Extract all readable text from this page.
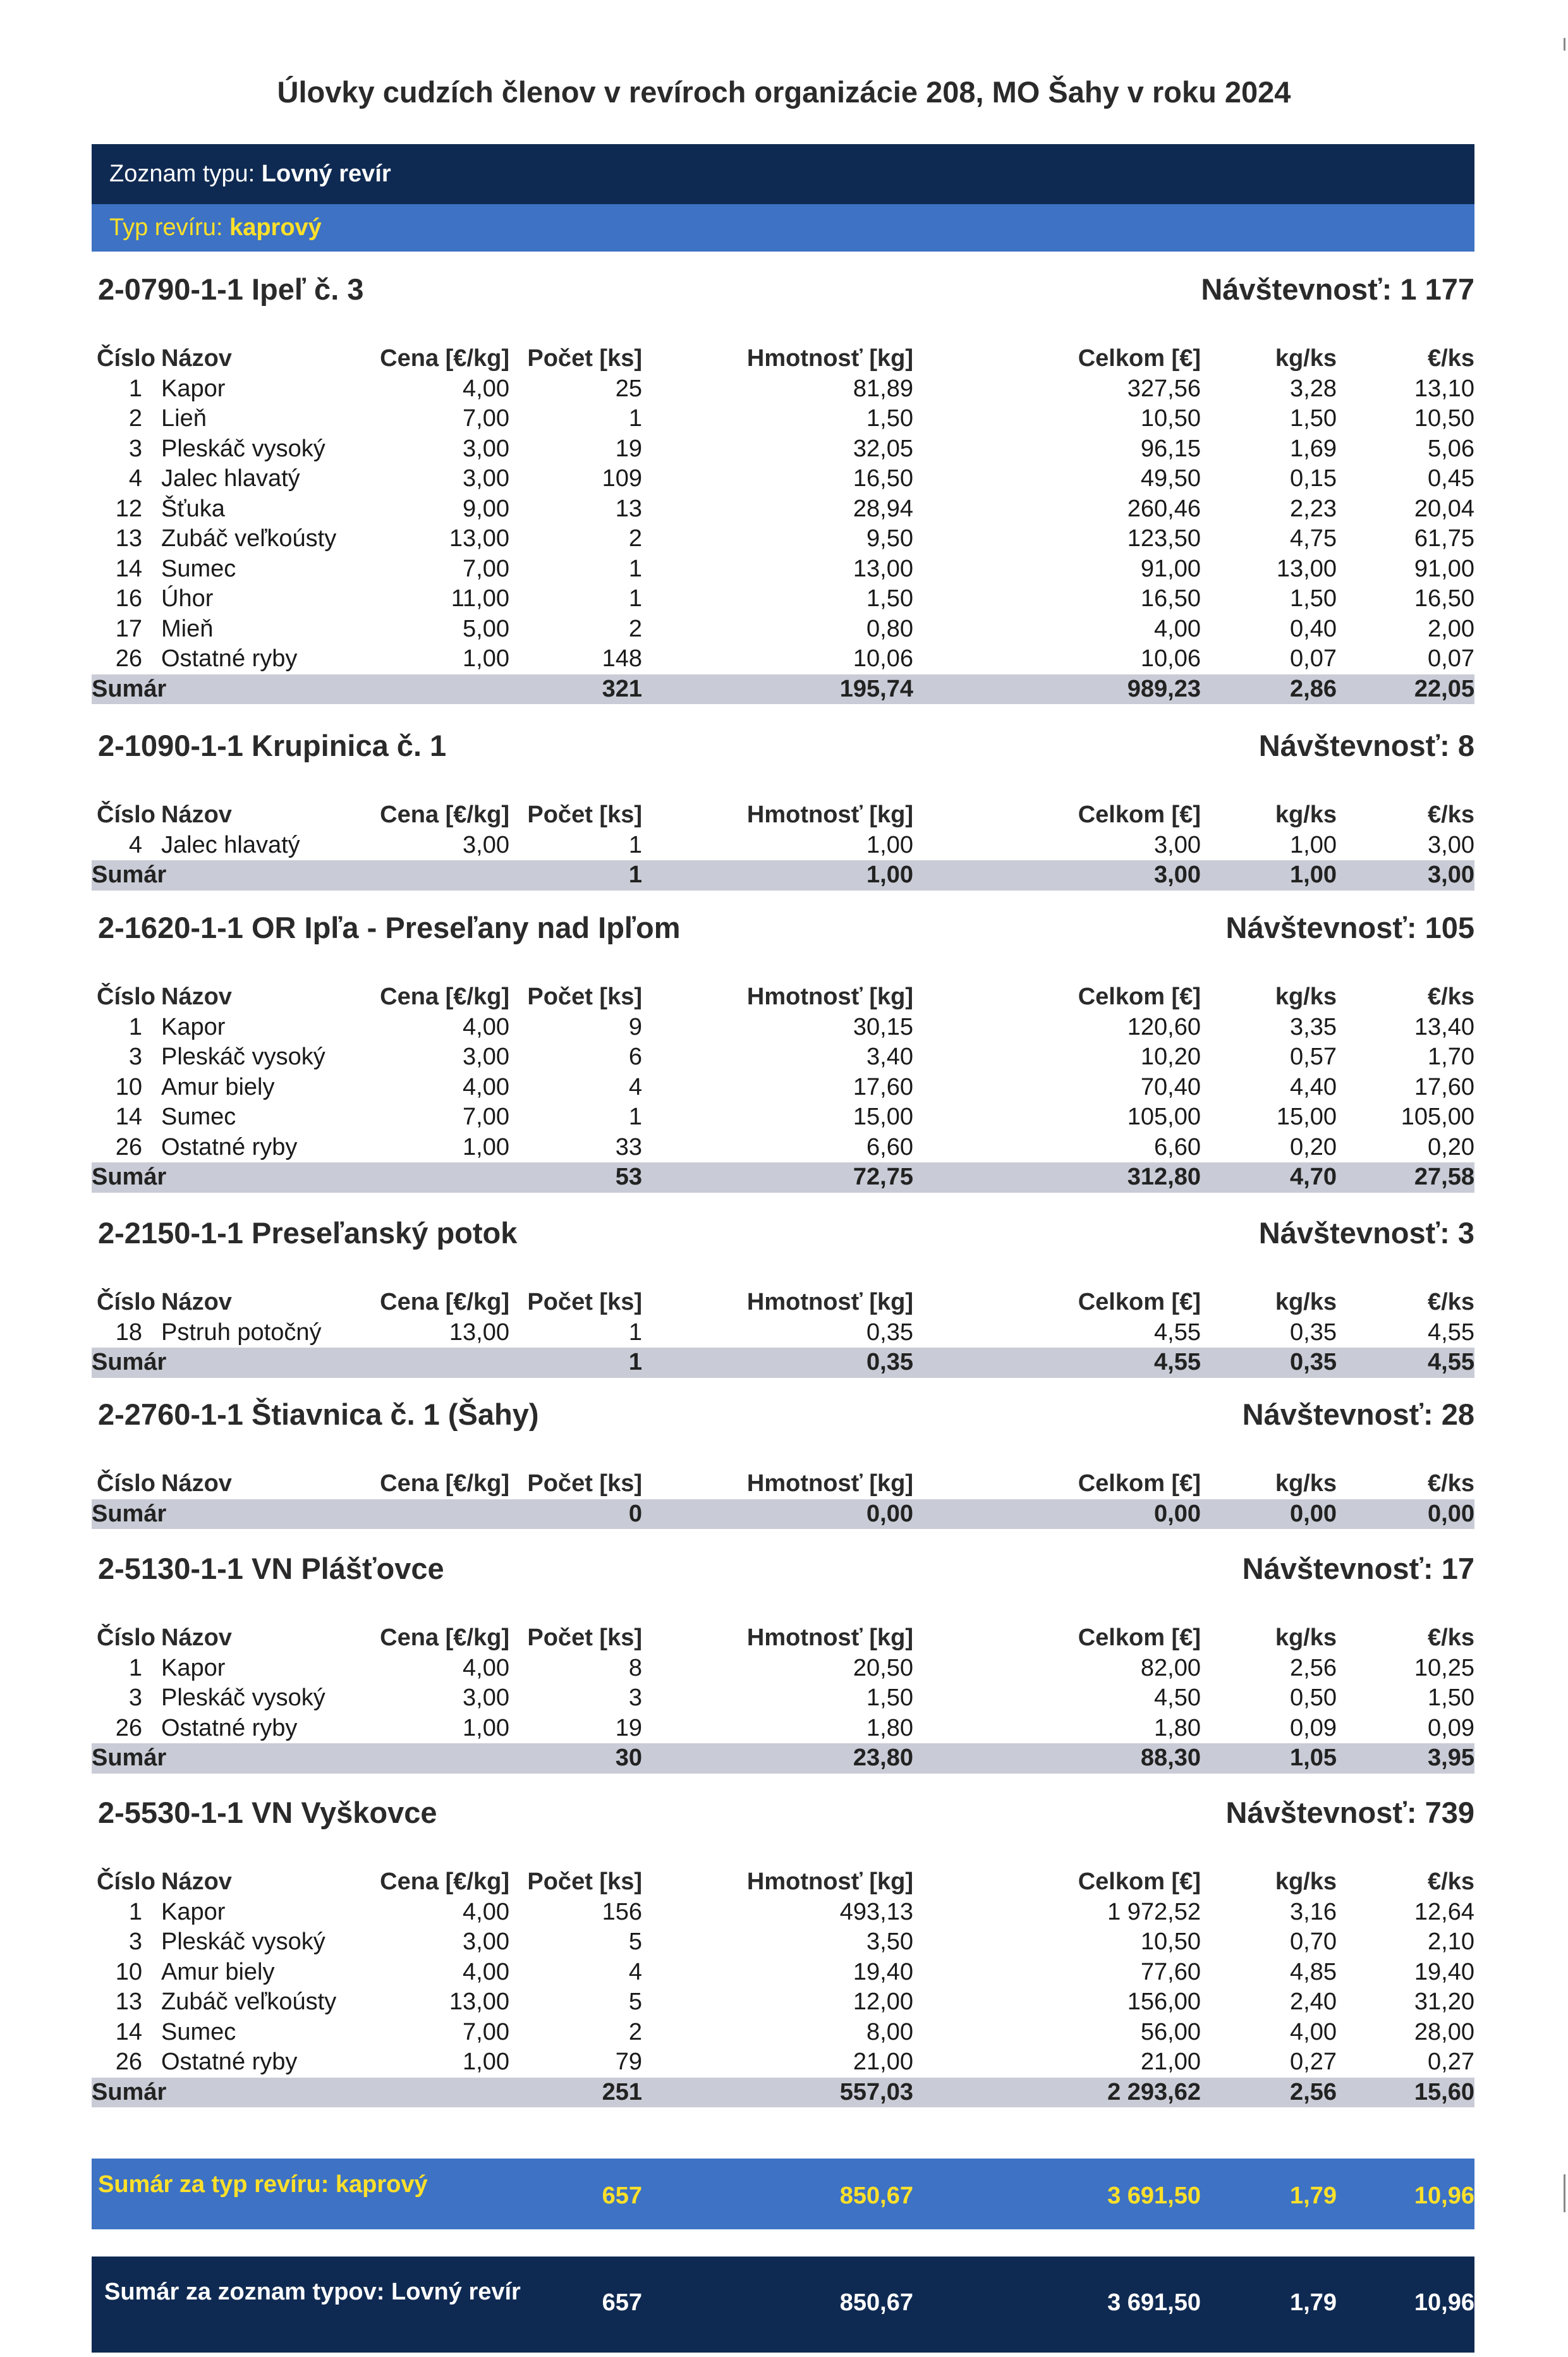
Úlovky cudzích členov v revíroch organizácie 208, MO Šahy v roku 2024
Zoznam typu: Lovný revír
Typ revíru: kaprový
2-0790-1-1 Ipeľ č. 3	Návštevnosť: 1 177
Číslo Názov	Cena [€/kg] Počet [ks]	Hmotnosť [kg]	Celkom [€]	kg/ks	€/ks
1 Kapor	4,00	25	81,89	327,56	3,28	13,10
2 Lieň	7,00	1	1,50	10,50	1,50	10,50
3 Pleskáč vysoký	3,00	19	32,05	96,15	1,69	5,06
4 Jalec hlavatý	3,00	109	16,50	49,50	0,15	0,45
12 Šťuka	9,00	13	28,94	260,46	2,23	20,04
13 Zubáč veľkoústy	13,00	2	9,50	123,50	4,75	61,75
14 Sumec	7,00	1	13,00	91,00	13,00	91,00
16 Úhor	11,00	1	1,50	16,50	1,50	16,50
17 Mieň	5,00	2	0,80	4,00	0,40	2,00
26 Ostatné ryby	1,00	148	10,06	10,06	0,07	0,07
Sumár	321	195,74	989,23	2,86	22,05
2-1090-1-1 Krupinica č. 1	Návštevnosť: 8
Číslo Názov	Cena [€/kg] Počet [ks]	Hmotnosť [kg]	Celkom [€]	kg/ks	€/ks
4 Jalec hlavatý	3,00	1	1,00	3,00	1,00	3,00
Sumár	1	1,00	3,00	1,00	3,00
2-1620-1-1 OR Ipľa - Preseľany nad Ipľom	Návštevnosť: 105
Číslo Názov	Cena [€/kg] Počet [ks]	Hmotnosť [kg]	Celkom [€]	kg/ks	€/ks
1 Kapor	4,00	9	30,15	120,60	3,35	13,40
3 Pleskáč vysoký	3,00	6	3,40	10,20	0,57	1,70
10 Amur biely	4,00	4	17,60	70,40	4,40	17,60
14 Sumec	7,00	1	15,00	105,00	15,00	105,00
26 Ostatné ryby	1,00	33	6,60	6,60	0,20	0,20
Sumár	53	72,75	312,80	4,70	27,58
2-2150-1-1 Preseľanský potok	Návštevnosť: 3
Číslo Názov	Cena [€/kg] Počet [ks]	Hmotnosť [kg]	Celkom [€]	kg/ks	€/ks
18 Pstruh potočný	13,00	1	0,35	4,55	0,35	4,55
Sumár	1	0,35	4,55	0,35	4,55
2-2760-1-1 Štiavnica č. 1 (Šahy)	Návštevnosť: 28
Číslo Názov	Cena [€/kg] Počet [ks]	Hmotnosť [kg]	Celkom [€]	kg/ks	€/ks
Sumár	0	0,00	0,00	0,00	0,00
2-5130-1-1 VN Plášťovce	Návštevnosť: 17
Číslo Názov	Cena [€/kg] Počet [ks]	Hmotnosť [kg]	Celkom [€]	kg/ks	€/ks
1 Kapor	4,00	8	20,50	82,00	2,56	10,25
3 Pleskáč vysoký	3,00	3	1,50	4,50	0,50	1,50
26 Ostatné ryby	1,00	19	1,80	1,80	0,09	0,09
Sumár	30	23,80	88,30	1,05	3,95
2-5530-1-1 VN Vyškovce	Návštevnosť: 739
Číslo Názov	Cena [€/kg] Počet [ks]	Hmotnosť [kg]	Celkom [€]	kg/ks	€/ks
1 Kapor	4,00	156	493,13	1 972,52	3,16	12,64
3 Pleskáč vysoký	3,00	5	3,50	10,50	0,70	2,10
10 Amur biely	4,00	4	19,40	77,60	4,85	19,40
13 Zubáč veľkoústy	13,00	5	12,00	156,00	2,40	31,20
14 Sumec	7,00	2	8,00	56,00	4,00	28,00
26 Ostatné ryby	1,00	79	21,00	21,00	0,27	0,27
Sumár	251	557,03	2 293,62	2,56	15,60
Sumár za typ revíru: kaprový	657	850,67	3 691,50	1,79	10,96
Sumár za zoznam typov: Lovný revír	657	850,67	3 691,50	1,79	10,96
